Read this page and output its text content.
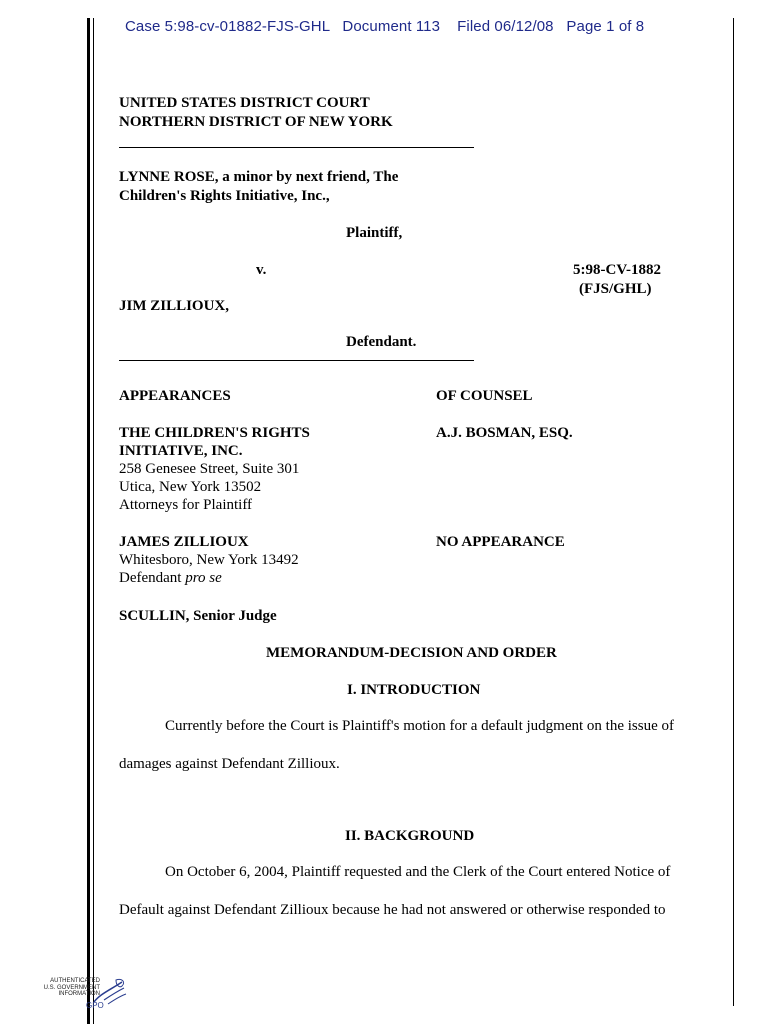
Case 5:98-cv-01882-FJS-GHL   Document 113    Filed 06/12/08   Page 1 of 8
UNITED STATES DISTRICT COURT
NORTHERN DISTRICT OF NEW YORK
LYNNE ROSE, a minor by next friend, The
Children's Rights Initiative, Inc.,
Plaintiff,
v.	5:98-CV-1882
(FJS/GHL)
JIM ZILLIOUX,
Defendant.
APPEARANCES	OF COUNSEL
THE CHILDREN'S RIGHTS
INITIATIVE, INC.
258 Genesee Street, Suite 301
Utica, New York 13502
Attorneys for Plaintiff
A.J. BOSMAN, ESQ.
JAMES ZILLIOUX
Whitesboro, New York 13492
Defendant pro se
NO APPEARANCE
SCULLIN, Senior Judge
MEMORANDUM-DECISION AND ORDER
I. INTRODUCTION
Currently before the Court is Plaintiff's motion for a default judgment on the issue of
damages against Defendant Zillioux.
II. BACKGROUND
On October 6, 2004, Plaintiff requested and the Clerk of the Court entered Notice of
Default against Defendant Zillioux because he had not answered or otherwise responded to
AUTHENTICATED
U.S. GOVERNMENT
INFORMATION
GPO
